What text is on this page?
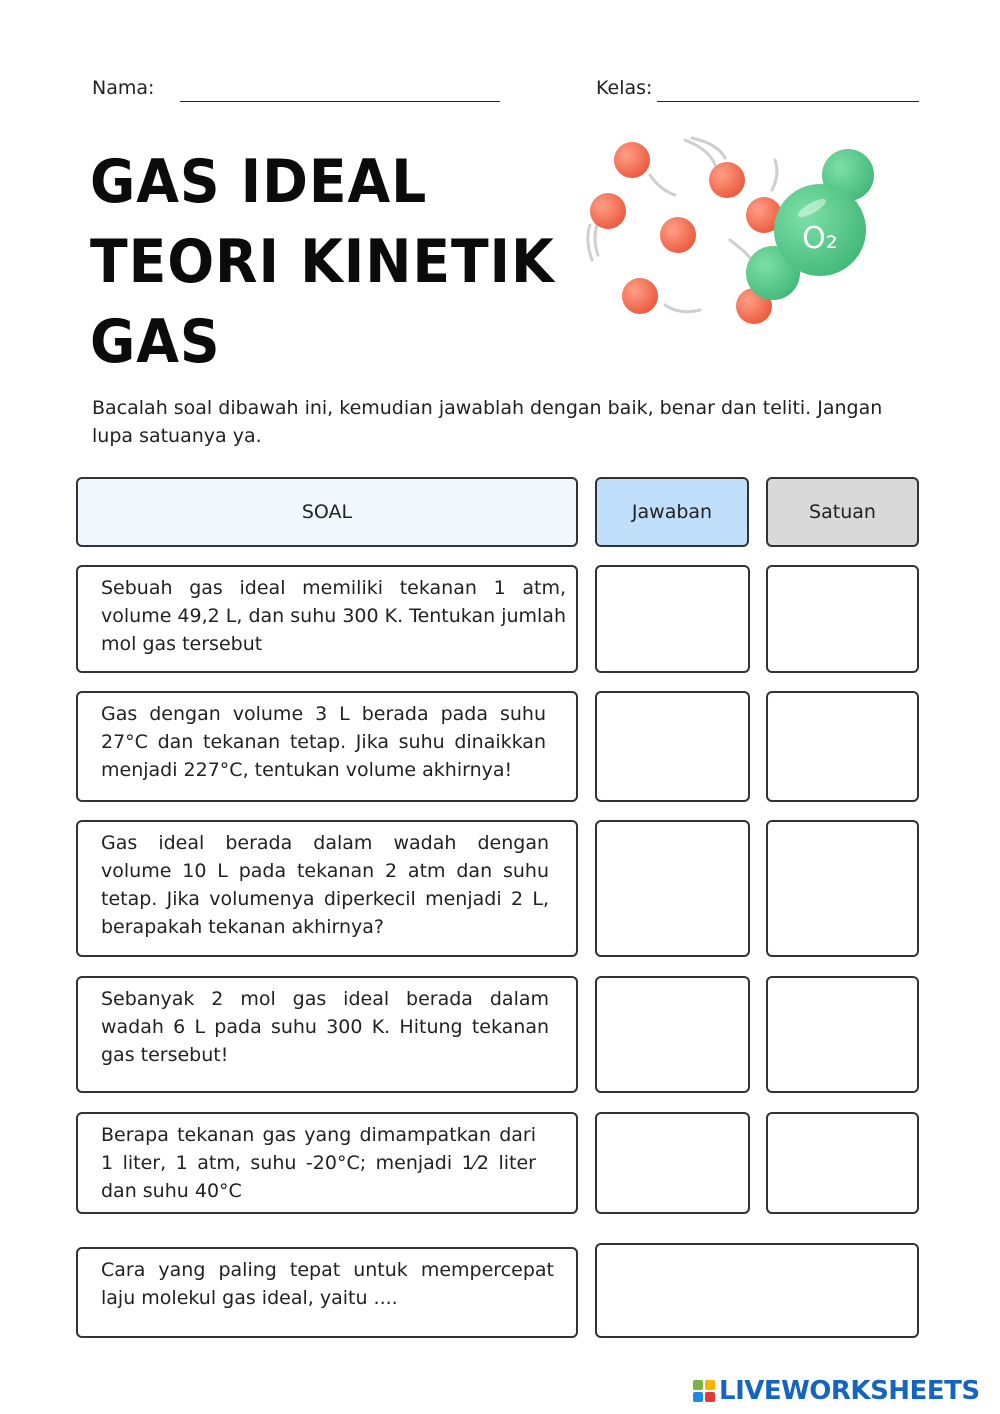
Nama:	Kelas:
GAS IDEAL
TEORI KINETIK
GAS
O₂
Bacalah soal dibawah ini, kemudian jawablah dengan baik, benar dan teliti. Jangan lupa satuanya ya.
SOAL	Jawaban	Satuan
Sebuah gas ideal memiliki tekanan 1 atm, volume 49,2 L, dan suhu 300 K. Tentukan jumlah mol gas tersebut
Gas dengan volume 3 L berada pada suhu 27°C dan tekanan tetap. Jika suhu dinaikkan menjadi 227°C, tentukan volume akhirnya!
Gas ideal berada dalam wadah dengan volume 10 L pada tekanan 2 atm dan suhu tetap. Jika volumenya diperkecil menjadi 2 L, berapakah tekanan akhirnya?
Sebanyak 2 mol gas ideal berada dalam wadah 6 L pada suhu 300 K. Hitung tekanan gas tersebut!
Berapa tekanan gas yang dimampatkan dari 1 liter, 1 atm, suhu -20°C; menjadi 1⁄2 liter dan suhu 40°C
Cara yang paling tepat untuk mempercepat laju molekul gas ideal, yaitu ....
LIVEWORKSHEETS
